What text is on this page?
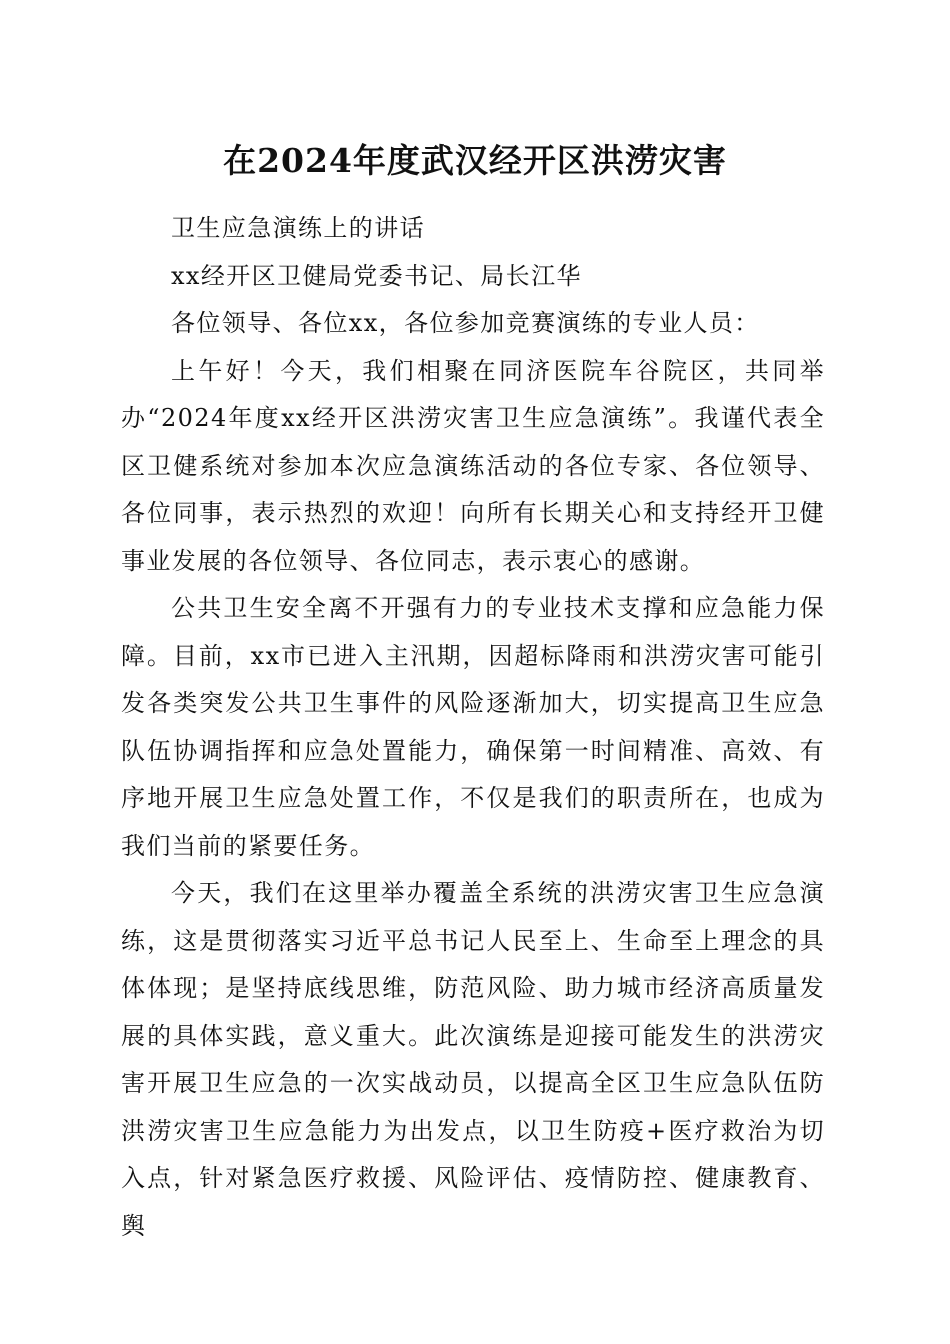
在2024年度武汉经开区洪涝灾害

卫生应急演练上的讲话

xx经开区卫健局党委书记、局长江华

各位领导、各位xx，各位参加竞赛演练的专业人员：

上午好！今天，我们相聚在同济医院车谷院区，共同举办“2024年度xx经开区洪涝灾害卫生应急演练”。我谨代表全区卫健系统对参加本次应急演练活动的各位专家、各位领导、各位同事，表示热烈的欢迎！向所有长期关心和支持经开卫健事业发展的各位领导、各位同志，表示衷心的感谢。

公共卫生安全离不开强有力的专业技术支撑和应急能力保障。目前，xx市已进入主汛期，因超标降雨和洪涝灾害可能引发各类突发公共卫生事件的风险逐渐加大，切实提高卫生应急队伍协调指挥和应急处置能力，确保第一时间精准、高效、有序地开展卫生应急处置工作，不仅是我们的职责所在，也成为我们当前的紧要任务。

今天，我们在这里举办覆盖全系统的洪涝灾害卫生应急演练，这是贯彻落实习近平总书记人民至上、生命至上理念的具体体现；是坚持底线思维，防范风险、助力城市经济高质量发展的具体实践，意义重大。此次演练是迎接可能发生的洪涝灾害开展卫生应急的一次实战动员，以提高全区卫生应急队伍防洪涝灾害卫生应急能力为出发点，以卫生防疫+医疗救治为切入点，针对紧急医疗救援、风险评估、疫情防控、健康教育、舆
